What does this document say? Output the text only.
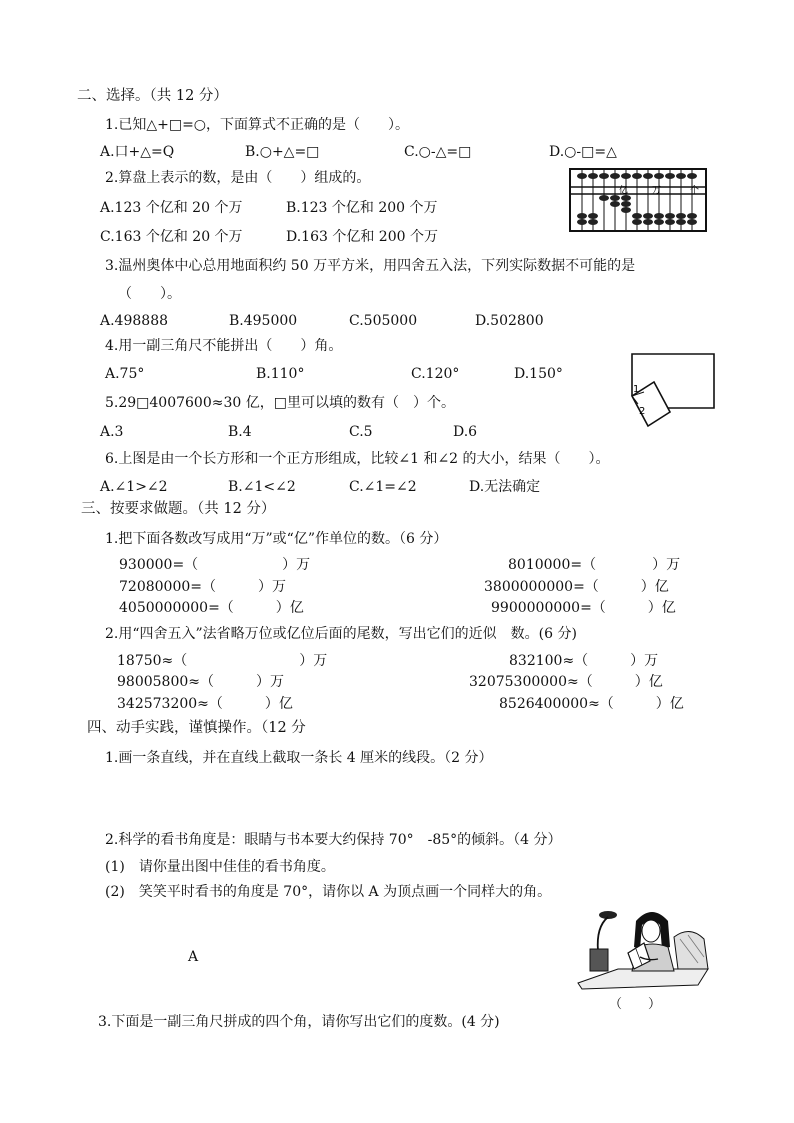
二、选择。（共 12 分）
1.已知△+□=○，下面算式不正确的是（　　）。
A.口+△=Q	B.○+△=□	C.○-△=□	D.○-□=△
2.算盘上表示的数，是由（　　）组成的。
A.123 个亿和 20 个万	B.123 个亿和 200 个万
C.163 个亿和 20 个万	D.163 个亿和 200 个万
亿	万	个
3.温州奥体中心总用地面积约 50 万平方米，用四舍五入法，下列实际数据不可能的是
（　　）。
A.498888	B.495000	C.505000	D.502800
4.用一副三角尺不能拼出（　　）角。
A.75°	B.110°	C.120°	D.150°
1
2
5.29□4007600≈30 亿，□里可以填的数有（　）个。
A.3	B.4	C.5	D.6
6.上图是由一个长方形和一个正方形组成，比较∠1 和∠2 的大小，结果（　　）。
A.∠1>∠2	B.∠1<∠2	C.∠1=∠2	D.无法确定
三、按要求做题。（共 12 分）
1.把下面各数改写成用“万”或“亿”作单位的数。（6 分）
930000=（　　　　　　）万	8010000=（　　　　）万
72080000=（　　　）万	3800000000=（　　　）亿
4050000000=（　　　）亿	9900000000=（　　　）亿
2.用“四舍五入”法省略万位或亿位后面的尾数，写出它们的近似　数。(6 分)
18750≈（　　　　　　　　）万	832100≈（　　　）万
98005800≈（　　　）万	32075300000≈（　　　）亿
342573200≈（　　　）亿	8526400000≈（　　　）亿
四、动手实践，谨慎操作。（12 分
1.画一条直线，并在直线上截取一条长 4 厘米的线段。（2 分）
2.科学的看书角度是：眼睛与书本要大约保持 70°　-85°的倾斜。（4 分）
(1)　请你量出图中佳佳的看书角度。
(2)　笑笑平时看书的角度是 70°，请你以 A 为顶点画一个同样大的角。
A
（　　）
3.下面是一副三角尺拼成的四个角，请你写出它们的度数。(4 分)
